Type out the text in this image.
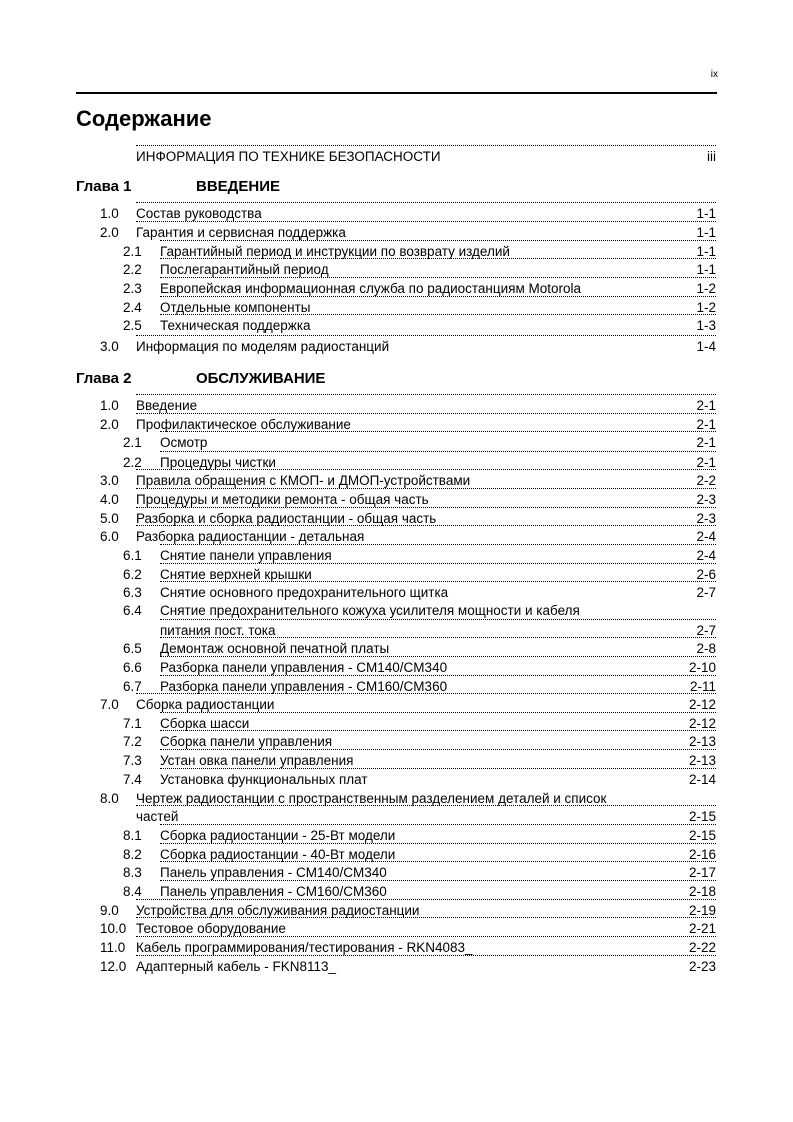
ix
Содержание
ИНФОРМАЦИЯ ПО ТЕХНИКЕ БЕЗОПАСНОСТИ	iii
Глава 1	ВВЕДЕНИЕ
1.0 Состав руководства	1-1
2.0 Гарантия и сервисная поддержка	1-1
2.1 Гарантийный период и инструкции по возврату изделий	1-1
2.2 Послегарантийный период	1-1
2.3 Европейская информационная служба по радиостанциям Motorola	1-2
2.4 Отдельные компоненты	1-2
2.5 Техническая поддержка	1-3
3.0 Информация по моделям радиостанций	1-4
Глава 2	ОБСЛУЖИВАНИЕ
1.0 Введение	2-1
2.0 Профилактическое обслуживание	2-1
2.1 Осмотр	2-1
2.2 Процедуры чистки	2-1
3.0 Правила обращения с КМОП- и ДМОП-устройствами	2-2
4.0 Процедуры и методики ремонта - общая часть	2-3
5.0 Разборка и сборка радиостанции - общая часть	2-3
6.0 Разборка радиостанции - детальная	2-4
6.1 Снятие панели управления	2-4
6.2 Снятие верхней крышки	2-6
6.3 Снятие основного предохранительного щитка	2-7
6.4 Снятие предохранительного кожуха усилителя мощности и кабеля
питания пост. тока	2-7
6.5 Демонтаж основной печатной платы	2-8
6.6 Разборка панели управления - CM140/CM340	2-10
6.7 Разборка панели управления - CM160/CM360	2-11
7.0 Сборка радиостанции	2-12
7.1 Сборка шасси	2-12
7.2 Сборка панели управления	2-13
7.3 Устан овка панели управления	2-13
7.4 Установка функциональных плат	2-14
8.0 Чертеж радиостанции с пространственным разделением деталей и список
частей	2-15
8.1 Сборка радиостанции - 25-Вт модели	2-15
8.2 Сборка радиостанции - 40-Вт модели	2-16
8.3 Панель управления - CM140/CM340	2-17
8.4 Панель управления - CM160/CM360	2-18
9.0 Устройства для обслуживания радиостанции	2-19
10.0 Тестовое оборудование	2-21
11.0 Кабель программирования/тестирования - RKN4083_	2-22
12.0 Адаптерный кабель - FKN8113_	2-23
